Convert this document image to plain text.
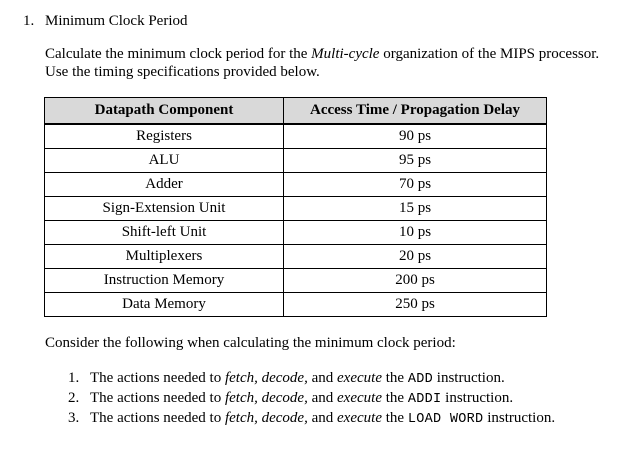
1. Minimum Clock Period

Calculate the minimum clock period for the Multi-cycle organization of the MIPS processor.

Use the timing specifications provided below.

Datapath Component	Access Time / Propagation Delay
Registers	90 ps
ALU	95 ps
Adder	70 ps
Sign-Extension Unit	15 ps
Shift-left Unit	10 ps
Multiplexers	20 ps
Instruction Memory	200 ps
Data Memory	250 ps
Consider the following when calculating the minimum clock period:
1. The actions needed to fetch, decode, and execute the ADD instruction.
2. The actions needed to fetch, decode, and execute the ADDI instruction.
3. The actions needed to fetch, decode, and execute the LOAD WORD instruction.
